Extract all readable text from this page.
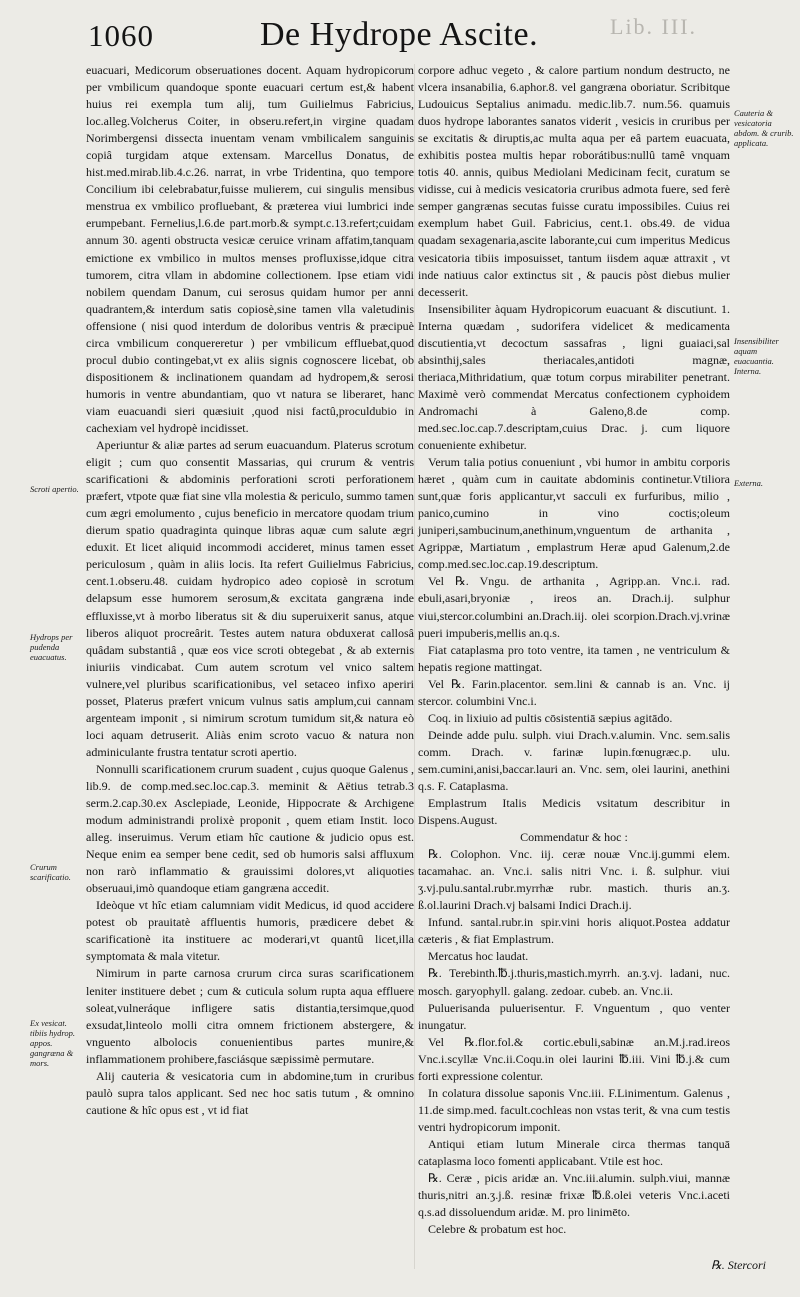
1060	De Hydrope Ascite.	Lib. III.

euacuari, Medicorum obseruationes docent. Aquam hydropicorum per vmbilicum quandoque sponte euacuari certum est,& habent huius rei exempla tum alij, tum Guilielmus Fabricius, loc.alleg.Volcherus Coiter, in obseru.refert,in virgine quadam Norimbergensi dissecta inuentam venam vmbilicalem sanguinis copiâ turgidam atque extensam. Marcellus Donatus, de hist.med.mirab.lib.4.c.26. narrat, in vrbe Tridentina, quo tempore Concilium ibi celebrabatur,fuisse mulierem, cui singulis mensibus menstrua ex vmbilico profluebant, & præterea viui lumbrici inde erumpebant. Fernelius,l.6.de part.morb.& sympt.c.13.refert;cuidam annum 30. agenti obstructa vesicæ ceruice vrinam affatim,tanquam emictione ex vmbilico in multos menses profluxisse,idque citra tumorem, citra vllam in abdomine collectionem. Ipse etiam vidi nobilem quendam Danum, cui serosus quidam humor per anni quadrantem,& interdum satis copiosè,sine tamen vlla valetudinis offensione ( nisi quod interdum de doloribus ventris & præcipuè circa vmbilicum conquereretur ) per vmbilicum effluebat,quod procul dubio contingebat,vt ex aliis signis cognoscere licebat, ob dispositionem & inclinationem quandam ad hydropem,& serosi humoris in ventre abundantiam, quo vt natura se liberaret, hanc viam euacuandi sieri quæsiuit ,quod nisi factû,proculdubio in cachexiam vel hydropè incidisset.

Aperiuntur & aliæ partes ad serum euacuandum. Platerus scrotum eligit ; cum quo consentit Massarias, qui crurum & ventris scarificationi & abdominis perforationi scroti perforationem præfert, vtpote quæ fiat sine vlla molestia & periculo, summo tamen cum ægri emolumento , cujus beneficio in mercatore quodam trium dierum spatio quadraginta quinque libras aquæ cum salute ægri eduxit. Et licet aliquid incommodi accideret, minus tamen esset periculosum , quàm in aliis locis. Ita refert Guilielmus Fabricius, cent.1.obseru.48. cuidam hydropico adeo copiosè in scrotum delapsum esse humorem serosum,& excitata gangræna inde effluxisse,vt à morbo liberatus sit & diu superuixerit sanus, atque liberos aliquot procreârit. Testes autem natura obduxerat callosâ quâdam substantiâ , quæ eos vice scroti obtegebat , & ab externis iniuriis vindicabat. Cum autem scrotum vel vnico saltem vulnere,vel pluribus scarificationibus, vel setaceo infixo aperiri posset, Platerus præfert vnicum vulnus satis amplum,cui cannam argenteam imponit , si nimirum scrotum tumidum sit,& natura eò loci aquam detruserit. Aliàs enim scroto vacuo & natura non adminiculante frustra tentatur scroti apertio.

Nonnulli scarificationem crurum suadent , cujus quoque Galenus , lib.9. de comp.med.sec.loc.cap.3. meminit & Aëtius tetrab.3 serm.2.cap.30.ex Asclepiade, Leonide, Hippocrate & Archigene modum administrandi prolixè proponit , quem etiam Instit. loco alleg. inseruimus. Verum etiam hîc cautione & judicio opus est. Neque enim ea semper bene cedit, sed ob humoris salsi affluxum non rarò inflammatio & grauissimi dolores,vt aliquoties obseruaui,imò quandoque etiam gangræna accedit.

Ideòque vt hîc etiam calumniam vidit Medicus, id quod accidere potest ob prauitatè affluentis humoris, prædicere debet & scarificationè ita instituere ac moderari,vt quantû licet,illa symptomata & mala vitetur.

Nimirum in parte carnosa crurum circa suras scarificationem leniter instituere debet ; cum & cuticula solum rupta aqua effluere soleat,vulneráque infligere satis distantia,tersimque,quod exsudat,linteolo molli citra omnem frictionem abstergere, & vnguento albolocis conuenientibus partes munire,& inflammationem prohibere,fasciásque sæpissimè permutare.

Alij cauteria & vesicatoria cum in abdomine,tum in cruribus paulò supra talos applicant. Sed nec hoc satis tutum , & omnino cautione & hîc opus est , vt id fiat

corpore adhuc vegeto , & calore partium nondum destructo, ne vlcera insanabilia, 6.aphor.8. vel gangræna oboriatur. Scribitque Ludouicus Septalius animadu. medic.lib.7. num.56. quamuis duos hydrope laborantes sanatos viderit , vesicis in cruribus per se excitatis & diruptis,ac multa aqua per eâ partem euacuata, exhibitis postea multis hepar roborátibus:nullû tamê vnquam totis 40. annis, quibus Mediolani Medicinam fecit, curatum se vidisse, cui à medicis vesicatoria cruribus admota fuere, sed ferè semper gangrænas secutas fuisse curatu impossibiles. Cuius rei exemplum habet Guil. Fabricius, cent.1. obs.49. de vidua quadam sexagenaria,ascite laborante,cui cum imperitus Medicus vesicatoria tibiis imposuisset, tantum iisdem aquæ attraxit , vt inde natiuus calor extinctus sit , & paucis pòst diebus mulier decesserit.

Insensibiliter àquam Hydropicorum euacuant & discutiunt. 1. Interna quædam , sudorifera videlicet & medicamenta discutientia,vt decoctum sassafras , ligni guaiaci,sal absinthij,sales theriacales,antidoti magnæ, theriaca,Mithridatium, quæ totum corpus mirabiliter penetrant. Maximè verò commendat Mercatus confectionem cyphoidem Andromachi à Galeno,8.de comp. med.sec.loc.cap.7.descriptam,cuius Drac. j. cum liquore conueniente exhibetur.

Verum talia potius conueniunt , vbi humor in ambitu corporis hæret , quàm cum in cauitate abdominis continetur.Vtiliora sunt,quæ foris applicantur,vt sacculi ex furfuribus, milio , panico,cumino in vino coctis;oleum juniperi,sambucinum,anethinum,vnguentum de arthanita , Agrippæ, Martiatum , emplastrum Heræ apud Galenum,2.de comp.med.sec.loc.cap.19.descriptum.

Vel ℞. Vngu. de arthanita , Agripp.an. Vnc.i. rad. ebuli,asari,bryoniæ , ireos an. Drach.ij. sulphur viui,stercor.columbini an.Drach.iij. olei scorpion.Drach.vj.vrinæ pueri impuberis,mellis an.q.s.

Fiat cataplasma pro toto ventre, ita tamen , ne ventriculum & hepatis regione mattingat.

Vel ℞. Farin.placentor. sem.lini & cannab is an. Vnc. ij stercor. columbini Vnc.i.

Coq. in lixiuio ad pultis cōsistentiā sæpius agitādo.

Deinde adde pulu. sulph. viui Drach.v.alumin. Vnc. sem.salis comm. Drach. v. farinæ lupin.fœnugræc.p. ulu. sem.cumini,anisi,baccar.lauri an. Vnc. sem, olei laurini, anethini q.s. F. Cataplasma.

Emplastrum Italis Medicis vsitatum describitur in Dispens.August.

Commendatur & hoc :

℞. Colophon. Vnc. iij. ceræ nouæ Vnc.ij.gummi elem. tacamahac. an. Vnc.i. salis nitri Vnc. i. ß. sulphur. viui ʒ.vj.pulu.santal.rubr.myrrhæ rubr. mastich. thuris an.ʒ. ß.ol.laurini Drach.vj balsami Indici Drach.ij.

Infund. santal.rubr.in spir.vini horis aliquot.Postea addatur cæteris , & fiat Emplastrum.

Mercatus hoc laudat.

℞. Terebinth.℔.j.thuris,mastich.myrrh. an.ʒ.vj. ladani, nuc. mosch. garyophyll. galang. zedoar. cubeb. an. Vnc.ii.

Puluerisanda puluerisentur. F. Vnguentum , quo venter inungatur.

Vel ℞.flor.fol.& cortic.ebuli,sabinæ an.M.j.rad.ireos Vnc.i.scyllæ Vnc.ii.Coqu.in olei laurini ℔.iii. Vini ℔.j.& cum forti expressione colentur.

In colatura dissolue saponis Vnc.iii. F.Linimentum. Galenus , 11.de simp.med. facult.cochleas non vstas terit, & vna cum testis ventri hydropicorum imponit.

Antiqui etiam lutum Minerale circa thermas tanquā cataplasma loco fomenti applicabant. Vtile est hoc.

℞. Ceræ , picis aridæ an. Vnc.iii.alumin. sulph.viui, mannæ thuris,nitri an.ʒ.j.ß. resinæ frixæ ℔.ß.olei veteris Vnc.i.aceti q.s.ad dissoluendum aridæ. M. pro linimēto.

Celebre & probatum est hoc.

Scroti apertio.
Hydrops per pudenda euacuatus.
Crurum scarificatio.
Ex vesicat. tibiis hydrop. appos. gangræna & mors.
Cauteria & vesicatoria abdom. & crurib. applicata.
Insensibiliter aquam euacuantia. Interna.
Externa.
℞. Stercori
